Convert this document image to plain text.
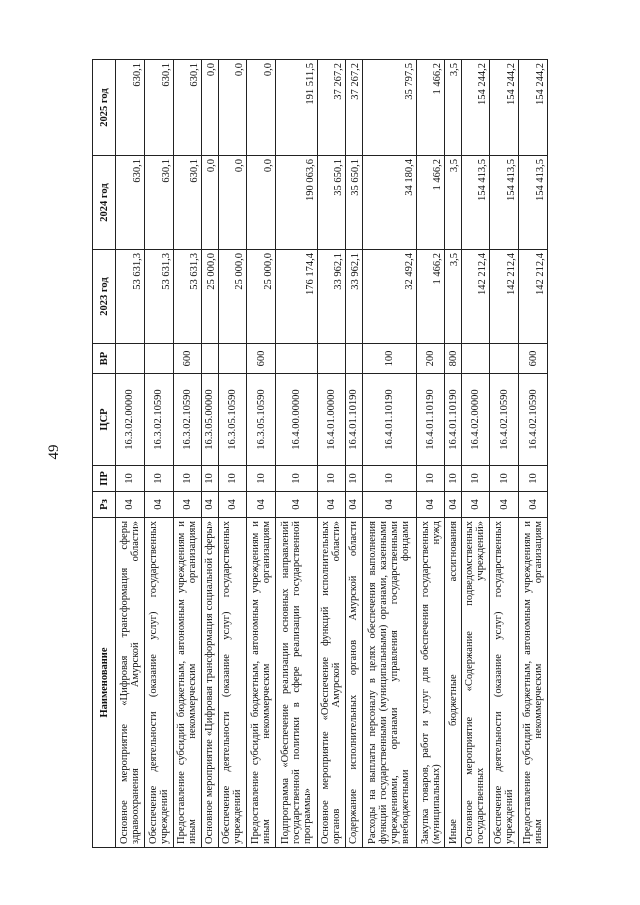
49
Наименование	Рз	ПР	ЦСР	ВР	2023 год	2024 год	2025 год
Основное мероприятие «Цифровая трансформация сферы здравоохранения Амурской области»	04	10	16.3.02.00000		53 631,3	630,1	630,1
Обеспечение деятельности (оказание услуг) государственных учреждений	04	10	16.3.02.10590		53 631,3	630,1	630,1
Предоставление субсидий бюджетным, автономным учреждениям и иным некоммерческим организациям	04	10	16.3.02.10590	600	53 631,3	630,1	630,1
Основное мероприятие «Цифровая трансформация социальной сферы»	04	10	16.3.05.00000		25 000,0	0,0	0,0
Обеспечение деятельности (оказание услуг) государственных учреждений	04	10	16.3.05.10590		25 000,0	0,0	0,0
Предоставление субсидий бюджетным, автономным учреждениям и иным некоммерческим организациям	04	10	16.3.05.10590	600	25 000,0	0,0	0,0
Подпрограмма «Обеспечение реализации основных направлений государственной политики в сфере реализации государственной программы»	04	10	16.4.00.00000		176 174,4	190 063,6	191 511,5
Основное мероприятие «Обеспечение функций исполнительных органов Амурской области»	04	10	16.4.01.00000		33 962,1	35 650,1	37 267,2
Содержание исполнительных органов Амурской области	04	10	16.4.01.10190		33 962,1	35 650,1	37 267,2
Расходы на выплаты персоналу в целях обеспечения выполнения функций государственными (муниципальными) органами, казенными учреждениями, органами управления государственными внебюджетными фондами	04	10	16.4.01.10190	100	32 492,4	34 180,4	35 797,5
Закупка товаров, работ и услуг для обеспечения государственных (муниципальных) нужд	04	10	16.4.01.10190	200	1 466,2	1 466,2	1 466,2
Иные бюджетные ассигнования	04	10	16.4.01.10190	800	3,5	3,5	3,5
Основное мероприятие «Содержание подведомственных государственных учреждений»	04	10	16.4.02.00000		142 212,4	154 413,5	154 244,2
Обеспечение деятельности (оказание услуг) государственных учреждений	04	10	16.4.02.10590		142 212,4	154 413,5	154 244,2
Предоставление субсидий бюджетным, автономным учреждениям и иным некоммерческим организациям	04	10	16.4.02.10590	600	142 212,4	154 413,5	154 244,2
